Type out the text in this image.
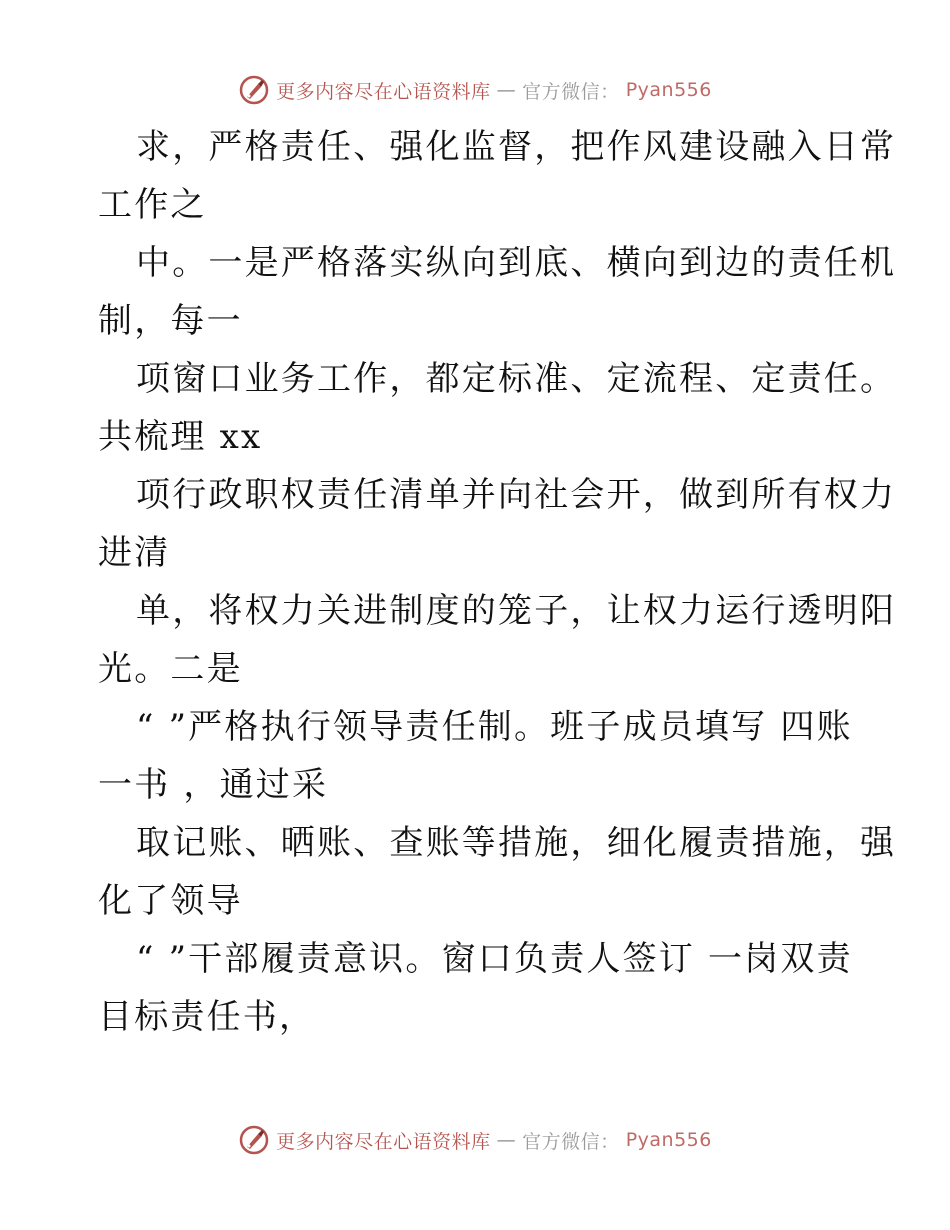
更多内容尽在心语资料库 — 官方微信： Pyan556
求，严格责任、强化监督，把作风建设融入日常
工作之
中。一是严格落实纵向到底、横向到边的责任机
制，每一
项窗口业务工作，都定标准、定流程、定责任。
共梳理 xx
项行政职权责任清单并向社会开，做到所有权力
进清
单，将权力关进制度的笼子，让权力运行透明阳
光。二是
“ ”严格执行领导责任制。班子成员填写 四账
一书 ，通过采
取记账、晒账、查账等措施，细化履责措施，强
化了领导
“ ”干部履责意识。窗口负责人签订 一岗双责
目标责任书，
更多内容尽在心语资料库 — 官方微信： Pyan556
